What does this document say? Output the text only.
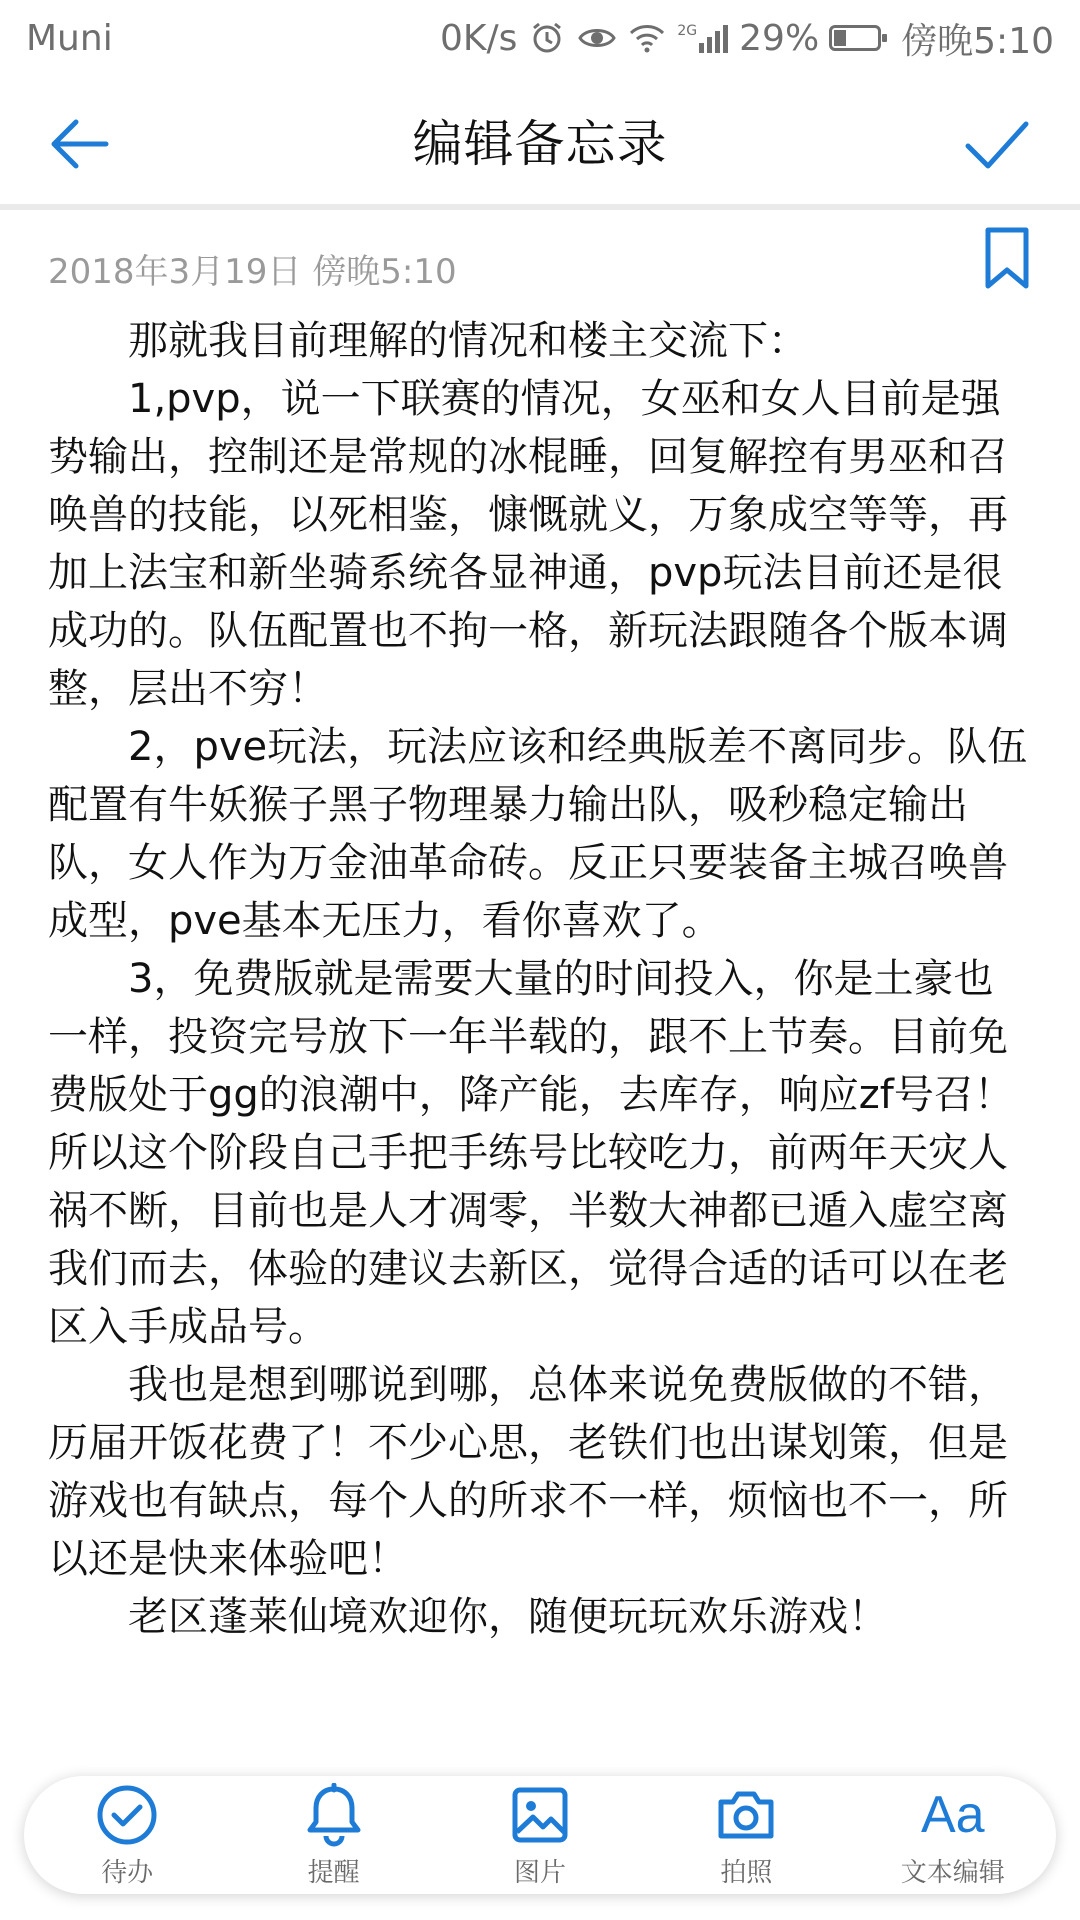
Muni	0K/s	2G 29% 傍晚5:10
编辑备忘录
2018年3月19日 傍晚5:10

那就我目前理解的情况和楼主交流下：

1,pvp，说一下联赛的情况，女巫和女人目前是强势输出，控制还是常规的冰棍睡，回复解控有男巫和召唤兽的技能，以死相鉴，慷慨就义，万象成空等等，再加上法宝和新坐骑系统各显神通，pvp玩法目前还是很成功的。队伍配置也不拘一格，新玩法跟随各个版本调整，层出不穷！

2，pve玩法，玩法应该和经典版差不离同步。队伍配置有牛妖猴子黑子物理暴力输出队，吸秒稳定输出队，女人作为万金油革命砖。反正只要装备主城召唤兽成型，pve基本无压力，看你喜欢了。

3，免费版就是需要大量的时间投入，你是土豪也一样，投资完号放下一年半载的，跟不上节奏。目前免费版处于gg的浪潮中，降产能，去库存，响应zf号召！所以这个阶段自己手把手练号比较吃力，前两年天灾人祸不断，目前也是人才凋零，半数大神都已遁入虚空离我们而去，体验的建议去新区，觉得合适的话可以在老区入手成品号。

我也是想到哪说到哪，总体来说免费版做的不错，历届开饭花费了！不少心思，老铁们也出谋划策，但是游戏也有缺点，每个人的所求不一样，烦恼也不一，所以还是快来体验吧！

老区蓬莱仙境欢迎你，随便玩玩欢乐游戏！

待办	提醒	图片	拍照
Aa
文本编辑
